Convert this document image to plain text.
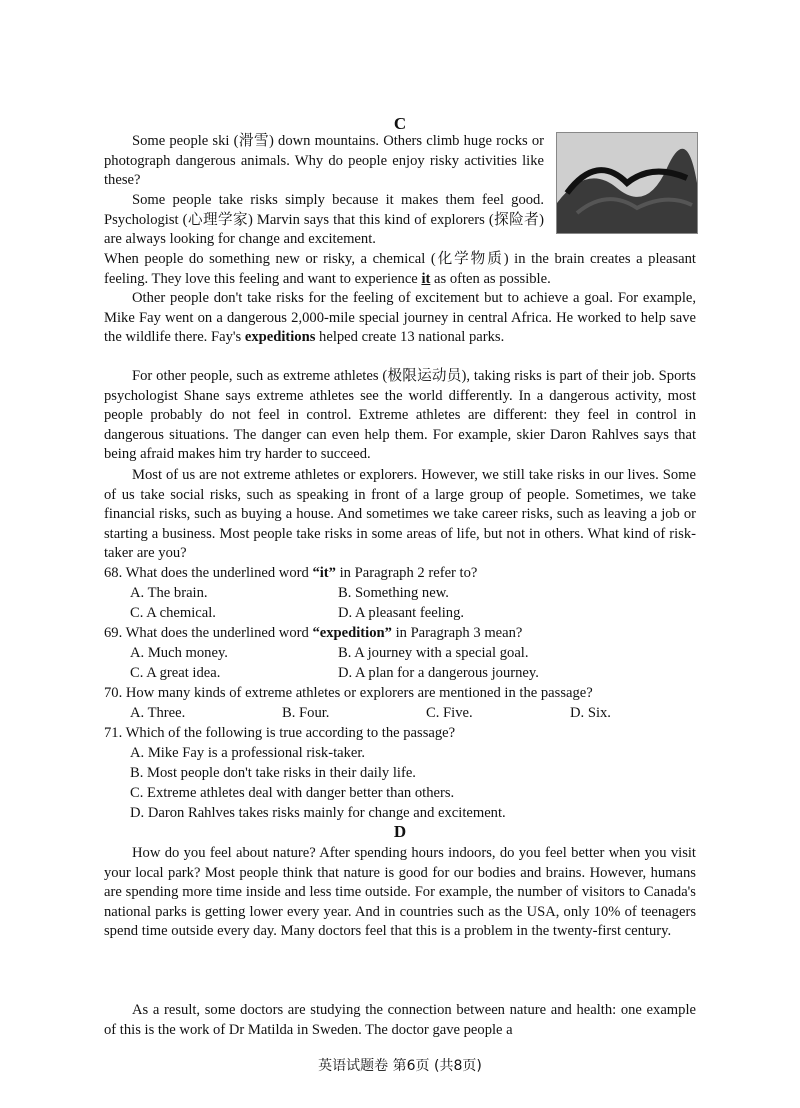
C

Some people ski (滑雪) down mountains. Others climb huge rocks or photograph dangerous animals. Why do people enjoy risky activities like these?

Some people take risks simply because it makes them feel good. Psychologist (心理学家) Marvin says that this kind of explorers (探险者) are always looking for change and excitement.

When people do something new or risky, a chemical (化学物质) in the brain creates a pleasant feeling. They love this feeling and want to experience it as often as possible.

Other people don't take risks for the feeling of excitement but to achieve a goal. For example, Mike Fay went on a dangerous 2,000-mile special journey in central Africa. He worked to help save the wildlife there. Fay's expeditions helped create 13 national parks.

For other people, such as extreme athletes (极限运动员), taking risks is part of their job. Sports psychologist Shane says extreme athletes see the world differently. In a dangerous activity, most people probably do not feel in control. Extreme athletes are different: they feel in control in dangerous situations. The danger can even help them. For example, skier Daron Rahlves says that being afraid makes him try harder to succeed.

Most of us are not extreme athletes or explorers. However, we still take risks in our lives. Some of us take social risks, such as speaking in front of a large group of people. Sometimes, we take financial risks, such as buying a house. And sometimes we take career risks, such as leaving a job or starting a business. Most people take risks in some areas of life, but not in others. What kind of risk-taker are you?

68. What does the underlined word “it” in Paragraph 2 refer to?
A. The brain.	B. Something new.
C. A chemical.	D. A pleasant feeling.
69. What does the underlined word “expedition” in Paragraph 3 mean?
A. Much money.	B. A journey with a special goal.
C. A great idea.	D. A plan for a dangerous journey.
70. How many kinds of extreme athletes or explorers are mentioned in the passage?
A. Three.	B. Four.	C. Five.	D. Six.
71. Which of the following is true according to the passage?
A. Mike Fay is a professional risk-taker.
B. Most people don't take risks in their daily life.
C. Extreme athletes deal with danger better than others.
D. Daron Rahlves takes risks mainly for change and excitement.
D

How do you feel about nature? After spending hours indoors, do you feel better when you visit your local park? Most people think that nature is good for our bodies and brains. However, humans are spending more time inside and less time outside. For example, the number of visitors to Canada's national parks is getting lower every year. And in countries such as the USA, only 10% of teenagers spend time outside every day. Many doctors feel that this is a problem in the twenty-first century.

As a result, some doctors are studying the connection between nature and health: one example of this is the work of Dr Matilda in Sweden. The doctor gave people a

英语试题卷 第6页 (共8页)
